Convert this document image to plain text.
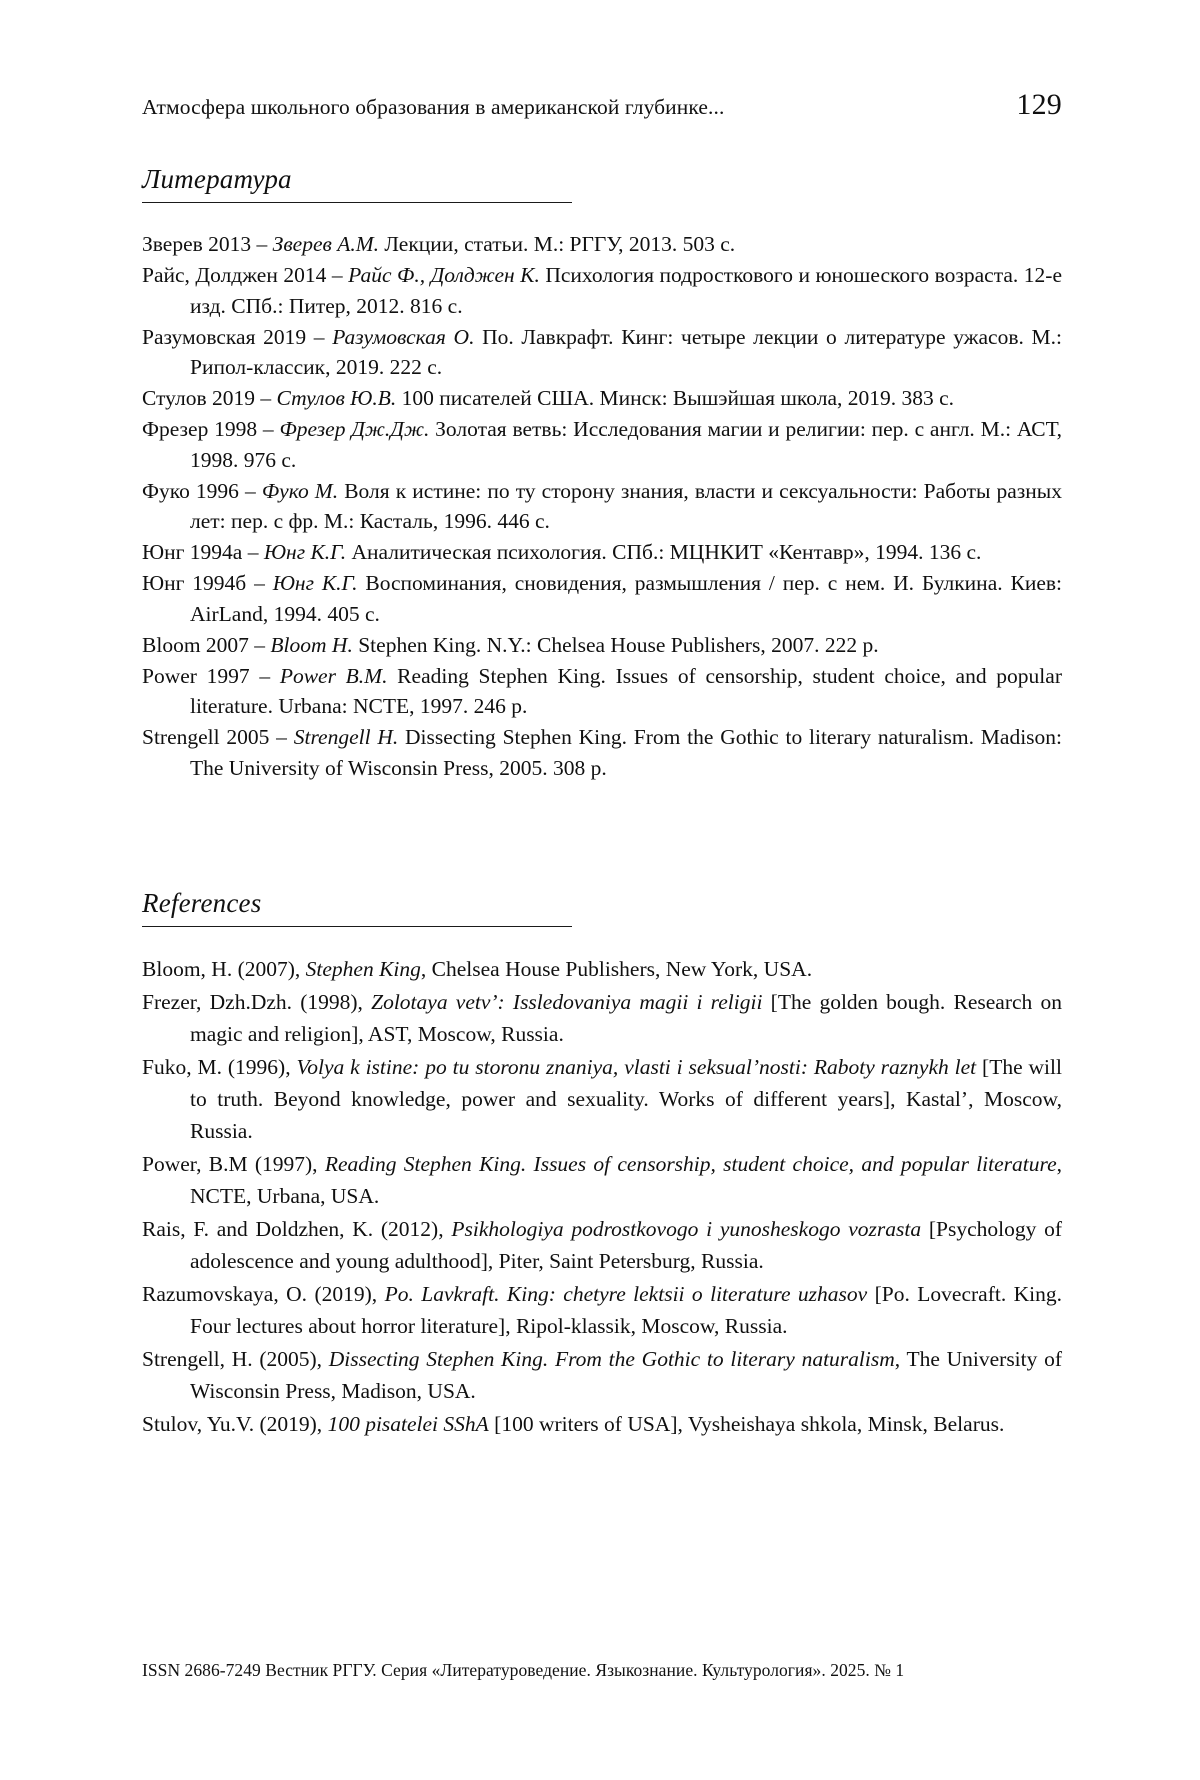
Атмосфера школьного образования в американской глубинке...	129
Литература
Зверев 2013 – Зверев А.М. Лекции, статьи. М.: РГГУ, 2013. 503 с.
Райс, Долджен 2014 – Райс Ф., Долджен К. Психология подросткового и юношеского возраста. 12-е изд. СПб.: Питер, 2012. 816 с.
Разумовская 2019 – Разумовская О. По. Лавкрафт. Кинг: четыре лекции о литературе ужасов. М.: Рипол-классик, 2019. 222 с.
Стулов 2019 – Стулов Ю.В. 100 писателей США. Минск: Вышэйшая школа, 2019. 383 с.
Фрезер 1998 – Фрезер Дж.Дж. Золотая ветвь: Исследования магии и религии: пер. с англ. М.: АСТ, 1998. 976 с.
Фуко 1996 – Фуко М. Воля к истине: по ту сторону знания, власти и сексуальности: Работы разных лет: пер. с фр. М.: Касталь, 1996. 446 с.
Юнг 1994а – Юнг К.Г. Аналитическая психология. СПб.: МЦНКИТ «Кентавр», 1994. 136 с.
Юнг 1994б – Юнг К.Г. Воспоминания, сновидения, размышления / пер. с нем. И. Булкина. Киев: AirLand, 1994. 405 с.
Bloom 2007 – Bloom H. Stephen King. N.Y.: Chelsea House Publishers, 2007. 222 p.
Power 1997 – Power B.M. Reading Stephen King. Issues of censorship, student choice, and popular literature. Urbana: NCTE, 1997. 246 p.
Strengell 2005 – Strengell H. Dissecting Stephen King. From the Gothic to literary naturalism. Madison: The University of Wisconsin Press, 2005. 308 p.
References
Bloom, H. (2007), Stephen King, Chelsea House Publishers, New York, USA.
Frezer, Dzh.Dzh. (1998), Zolotaya vetv’: Issledovaniya magii i religii [The golden bough. Research on magic and religion], AST, Moscow, Russia.
Fuko, M. (1996), Volya k istine: po tu storonu znaniya, vlasti i seksual’nosti: Raboty raznykh let [The will to truth. Beyond knowledge, power and sexuality. Works of different years], Kastal’, Moscow, Russia.
Power, B.M (1997), Reading Stephen King. Issues of censorship, student choice, and popular literature, NCTE, Urbana, USA.
Rais, F. and Doldzhen, K. (2012), Psikhologiya podrostkovogo i yunosheskogo vozrasta [Psychology of adolescence and young adulthood], Piter, Saint Petersburg, Russia.
Razumovskaya, O. (2019), Po. Lavkraft. King: chetyre lektsii o literature uzhasov [Po. Lovecraft. King. Four lectures about horror literature], Ripol-klassik, Moscow, Russia.
Strengell, H. (2005), Dissecting Stephen King. From the Gothic to literary naturalism, The University of Wisconsin Press, Madison, USA.
Stulov, Yu.V. (2019), 100 pisatelei SShA [100 writers of USA], Vysheishaya shkola, Minsk, Belarus.
ISSN 2686-7249 Вестник РГГУ. Серия «Литературоведение. Языкознание. Культурология». 2025. № 1
